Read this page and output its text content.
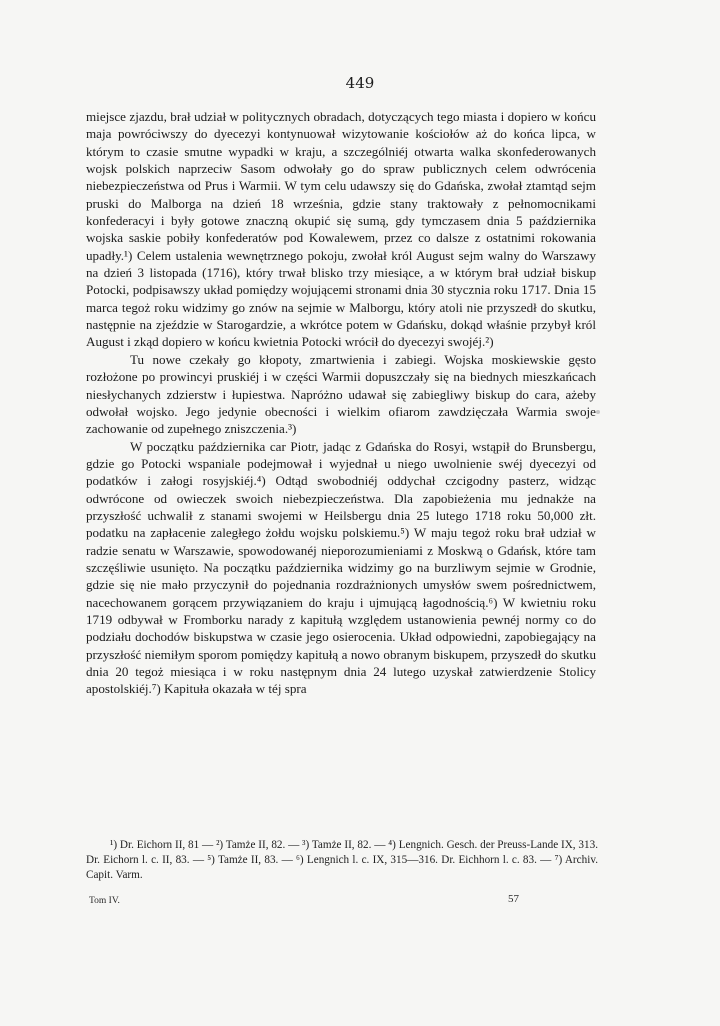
449

miejsce zjazdu, brał udział w politycznych obradach, dotyczących tego miasta i dopiero w końcu maja powróciwszy do dyecezyi kontynuował wizytowanie kościołów aż do końca lipca, w którym to czasie smutne wypadki w kraju, a szczególniéj otwarta walka skonfederowanych wojsk polskich naprzeciw Sasom odwołały go do spraw publicznych celem odwrócenia niebezpieczeństwa od Prus i Warmii. W tym celu udawszy się do Gdańska, zwołał ztamtąd sejm pruski do Malborga na dzień 18 września, gdzie stany traktowały z pełnomocnikami konfederacyi i były gotowe znaczną okupić się sumą, gdy tymczasem dnia 5 października wojska saskie pobiły konfederatów pod Kowalewem, przez co dalsze z ostatnimi rokowania upadły.¹) Celem ustalenia wewnętrznego pokoju, zwołał król August sejm walny do Warszawy na dzień 3 listopada (1716), który trwał blisko trzy miesiące, a w którym brał udział biskup Potocki, podpisawszy układ pomiędzy wojującemi stronami dnia 30 stycznia roku 1717. Dnia 15 marca tegoż roku widzimy go znów na sejmie w Malborgu, który atoli nie przyszedł do skutku, następnie na zjeździe w Starogardzie, a wkrótce potem w Gdańsku, dokąd właśnie przybył król August i zkąd dopiero w końcu kwietnia Potocki wrócił do dyecezyi swojéj.²)

Tu nowe czekały go kłopoty, zmartwienia i zabiegi. Wojska moskiewskie gęsto rozłożone po prowincyi pruskiéj i w części Warmii dopuszczały się na biednych mieszkańcach niesłychanych zdzierstw i łupiestwa. Napróżno udawał się zabiegliwy biskup do cara, ażeby odwołał wojsko. Jego jedynie obecności i wielkim ofiarom zawdzięczała Warmia swoje zachowanie od zupełnego zniszczenia.³)

W początku października car Piotr, jadąc z Gdańska do Rosyi, wstąpił do Brunsbergu, gdzie go Potocki wspaniale podejmował i wyjednał u niego uwolnienie swéj dyecezyi od podatków i załogi rosyjskiéj.⁴) Odtąd swobodniéj oddychał czcigodny pasterz, widząc odwrócone od owieczek swoich niebezpieczeństwa. Dla zapobieżenia mu jednakże na przyszłość uchwalił z stanami swojemi w Heilsbergu dnia 25 lutego 1718 roku 50,000 złt. podatku na zapłacenie zaległego żołdu wojsku polskiemu.⁵) W maju tegoż roku brał udział w radzie senatu w Warszawie, spowodowanéj nieporozumieniami z Moskwą o Gdańsk, które tam szczęśliwie usunięto. Na początku października widzimy go na burzliwym sejmie w Grodnie, gdzie się nie mało przyczynił do pojednania rozdrażnionych umysłów swem pośrednictwem, nacechowanem gorącem przywiązaniem do kraju i ujmującą łagodnością.⁶) W kwietniu roku 1719 odbywał w Fromborku narady z kapitułą względem ustanowienia pewnéj normy co do podziału dochodów biskupstwa w czasie jego osierocenia. Układ odpowiedni, zapobiegający na przyszłość niemiłym sporom pomiędzy kapitułą a nowo obranym biskupem, przyszedł do skutku dnia 20 tegoż miesiąca i w roku następnym dnia 24 lutego uzyskał zatwierdzenie Stolicy apostolskiéj.⁷) Kapituła okazała w téj spra

¹) Dr. Eichorn II, 81 — ²) Tamże II, 82. — ³) Tamże II, 82. — ⁴) Lengnich. Gesch. der Preuss-Lande IX, 313. Dr. Eichorn l. c. II, 83. — ⁵) Tamże II, 83. — ⁶) Lengnich l. c. IX, 315—316. Dr. Eichhorn l. c. 83. — ⁷) Archiv. Capit. Varm.

Tom IV.	57
